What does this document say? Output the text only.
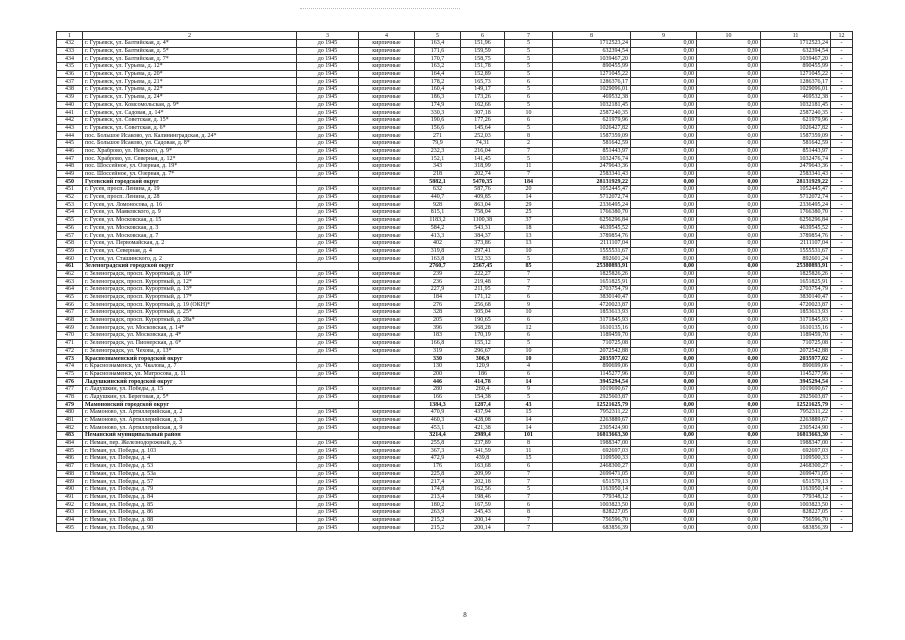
1	2	3	4	5	6	7	8	9	10	11	12
432	г. Гурьевск, ул. Балтийская, д. 4*	до 1945	кирпичные	163,4	151,96	5	1712523,24	0,00	0,00	1712523,24	-
433	г. Гурьевск, ул. Балтийская, д. 5*	до 1945	кирпичные	171,6	159,59	5	632394,54	0,00	0,00	632394,54	-
434	г. Гурьевск, ул. Балтийская, д. 7*	до 1945	кирпичные	170,7	158,75	5	1039467,20	0,00	0,00	1039467,20	-
435	г. Гурьевск, ул. Гурьева, д. 12*	до 1945	кирпичные	163,2	151,78	5	890455,99	0,00	0,00	890455,99	-
436	г. Гурьевск, ул. Гурьева, д. 20*	до 1945	кирпичные	164,4	152,89	5	1271045,22	0,00	0,00	1271045,22	-
437	г. Гурьевск, ул. Гурьева, д. 21*	до 1945	кирпичные	178,2	165,73	6	1286376,17	0,00	0,00	1286376,17	-
438	г. Гурьевск, ул. Гурьева, д. 22*	до 1945	кирпичные	160,4	149,17	5	1029096,01	0,00	0,00	1029096,01	-
439	г. Гурьевск, ул. Гурьева, д. 24*	до 1945	кирпичные	186,3	173,26	6	469532,38	0,00	0,00	469532,38	-
440	г. Гурьевск, ул. Комсомольская, д. 9*	до 1945	кирпичные	174,9	162,66	5	1032181,45	0,00	0,00	1032181,45	-
441	г. Гурьевск, ул. Садовая, д. 14*	до 1945	кирпичные	330,3	307,18	10	2587240,35	0,00	0,00	2587240,35	-
442	г. Гурьевск, ул. Советская, д. 15*	до 1945	кирпичные	190,6	177,26	6	621979,96	0,00	0,00	621979,96	-
443	г. Гурьевск, ул. Советская, д. 6*	до 1945	кирпичные	156,6	145,64	5	1026427,82	0,00	0,00	1026427,82	-
444	пос. Большое Исаково, ул. Калининградская, д. 24*	до 1945	кирпичные	271	252,03	8	1587359,09	0,00	0,00	1587359,09	-
445	пос. Большое Исаково, ул. Садовая, д. 8*	до 1945	кирпичные	79,9	74,31	2	581642,59	0,00	0,00	581642,59	-
446	пос. Храброво, ул. Невского, д. 9*	до 1945	кирпичные	232,3	216,04	7	851443,97	0,00	0,00	851443,97	-
447	пос. Храброво, ул. Северная, д. 12*	до 1945	кирпичные	152,1	141,45	5	1032476,74	0,00	0,00	1032476,74	-
448	пос. Шоссейное, ул. Озерная, д. 19*	до 1945	кирпичные	343	318,99	11	2479643,36	0,00	0,00	2479643,36	-
449	пос. Шоссейное, ул. Озерная, д. 7*	до 1945	кирпичные	218	202,74	7	2583341,43	0,00	0,00	2583341,43	-
450	Гусевский городской округ			5882,1	5470,35	184	28131929,22	0,00	0,00	28131929,22	-
451	г. Гусев, просп. Ленина, д. 19	до 1945	кирпичные	632	587,76	20	1052445,47	0,00	0,00	1052445,47	-
452	г. Гусев, просп. Ленина, д. 28	до 1945	кирпичные	440,7	409,85	14	5712072,74	0,00	0,00	5712072,74	-
453	г. Гусев, ул. Ломоносова, д. 16	до 1945	кирпичные	928	863,04	29	2336495,24	0,00	0,00	2336495,24	-
454	г. Гусев, ул. Маяковского, д. 9	до 1945	кирпичные	815,1	758,04	25	1766380,70	0,00	0,00	1766380,70	-
455	г. Гусев, ул. Московская, д. 15	до 1945	кирпичные	1183,2	1100,38	37	6256296,84	0,00	0,00	6256296,84	-
456	г. Гусев, ул. Московская, д. 3	до 1945	кирпичные	584,2	543,31	18	4639545,52	0,00	0,00	4639545,52	-
457	г. Гусев, ул. Московская, д. 7	до 1945	кирпичные	413,3	384,37	13	3789854,76	0,00	0,00	3789854,76	-
458	г. Гусев, ул. Первомайская, д. 2	до 1945	кирпичные	402	373,86	13	2111107,04	0,00	0,00	2111107,04	-
459	г. Гусев, ул. Северная, д. 4	до 1945	кирпичные	319,8	297,41	10	1555531,67	0,00	0,00	1555531,67	-
460	г. Гусев, ул. Сташинского, д. 2	до 1945	кирпичные	163,8	152,33	5	892601,24	0,00	0,00	892601,24	-
461	Зеленоградский городской округ			2760,7	2567,45	85	25380893,91	0,00	0,00	25380893,91	-
462	г. Зеленоградск, просп. Курортный, д. 10*	до 1945	кирпичные	239	222,27	7	1825826,26	0,00	0,00	1825826,26	-
463	г. Зеленоградск, просп. Курортный, д. 12*	до 1945	кирпичные	236	219,48	7	1651825,91	0,00	0,00	1651825,91	-
464	г. Зеленоградск, просп. Курортный, д. 13*	до 1945	кирпичные	227,9	211,95	7	2703754,79	0,00	0,00	2703754,79	-
465	г. Зеленоградск, просп. Курортный, д. 17*	до 1945	кирпичные	184	171,12	6	3830140,47	0,00	0,00	3830140,47	-
466	г. Зеленоградск, просп. Курортный, д. 19 (ОКН)*	до 1945	кирпичные	276	256,68	9	4720023,87	0,00	0,00	4720023,87	-
467	г. Зеленоградск, просп. Курортный, д. 25*	до 1945	кирпичные	328	305,04	10	1853613,93	0,00	0,00	1853613,93	-
468	г. Зеленоградск, просп. Курортный, д. 28а*	до 1945	кирпичные	205	190,65	6	3171845,93	0,00	0,00	3171845,93	-
469	г. Зеленоградск, ул. Московская, д. 14*	до 1945	кирпичные	396	368,28	12	1610135,16	0,00	0,00	1610135,16	-
470	г. Зеленоградск, ул. Московская, д. 4*	до 1945	кирпичные	183	170,19	6	1189459,70	0,00	0,00	1189459,70	-
471	г. Зеленоградск, ул. Пионерская, д. 6*	до 1945	кирпичные	166,8	155,12	5	710725,08	0,00	0,00	710725,08	-
472	г. Зеленоградск, ул. Чехова, д. 13*	до 1945	кирпичные	319	296,67	10	2072542,88	0,00	0,00	2072542,88	-
473	Краснознаменский городской округ			330	306,9	10	2035977,02	0,00	0,00	2035977,02	-
474	г. Краснознаменск, ул. Чкалова, д. 7	до 1945	кирпичные	130	120,9	4	890699,06	0,00	0,00	890699,06	-
475	г. Краснознаменск, ул. Матросова, д. 11	до 1945	кирпичные	200	186	6	1145277,96	0,00	0,00	1145277,96	-
476	Ладушкинский городской округ			446	414,78	14	3945294,54	0,00	0,00	3945294,54	-
477	г. Ладушкин, ул. Победы, д. 15	до 1945	кирпичные	280	260,4	9	1019690,67	0,00	0,00	1019690,67	-
478	г. Ладушкин, ул. Береговая, д. 5*	до 1945	кирпичные	166	154,38	5	2925603,87	0,00	0,00	2925603,87	-
479	Мамоновский городской округ			1384,3	1287,4	43	12521625,79	0,00	0,00	12521625,79	-
480	г. Мамоново, ул. Артиллерийская, д. 2	до 1945	кирпичные	470,9	437,94	15	7952311,22	0,00	0,00	7952311,22	-
481	г. Мамоново, ул. Артиллерийская, д. 3	до 1945	кирпичные	460,3	428,08	14	2263889,67	0,00	0,00	2263889,67	-
482	г. Мамоново, ул. Артиллерийская, д. 9	до 1945	кирпичные	453,1	421,38	14	2305424,90	0,00	0,00	2305424,90	-
483	Неманский муниципальный район			3214,4	2989,4	101	16813663,30	0,00	0,00	16813663,30	-
484	г. Неман, пер. Железнодорожный, д. 3	до 1945	кирпичные	255,8	237,89	8	1988347,00	0,00	0,00	1988347,00	-
485	г. Неман, ул. Победы, д. 103	до 1945	кирпичные	367,3	341,59	11	692697,03	0,00	0,00	692697,03	-
486	г. Неман, ул. Победы, д. 4	до 1945	кирпичные	472,9	439,8	15	1109500,33	0,00	0,00	1109500,33	-
487	г. Неман, ул. Победы, д. 53	до 1945	кирпичные	176	163,68	6	2468300,27	0,00	0,00	2468300,27	-
488	г. Неман, ул. Победы, д. 53а	до 1945	кирпичные	225,8	209,99	7	2699471,05	0,00	0,00	2699471,05	-
489	г. Неман, ул. Победы, д. 57	до 1945	кирпичные	217,4	202,18	7	651579,13	0,00	0,00	651579,13	-
490	г. Неман, ул. Победы, д. 79	до 1945	кирпичные	174,8	162,56	5	1163950,14	0,00	0,00	1163950,14	-
491	г. Неман, ул. Победы, д. 84	до 1945	кирпичные	213,4	198,46	7	779348,12	0,00	0,00	779348,12	-
492	г. Неман, ул. Победы, д. 85	до 1945	кирпичные	180,2	167,59	6	1003823,50	0,00	0,00	1003823,50	-
493	г. Неман, ул. Победы, д. 86	до 1945	кирпичные	263,9	245,43	8	828227,05	0,00	0,00	828227,05	-
494	г. Неман, ул. Победы, д. 88	до 1945	кирпичные	215,2	200,14	7	756596,70	0,00	0,00	756596,70	-
495	г. Неман, ул. Победы, д. 90	до 1945	кирпичные	215,2	200,14	7	683856,39	0,00	0,00	683856,39	-
8
